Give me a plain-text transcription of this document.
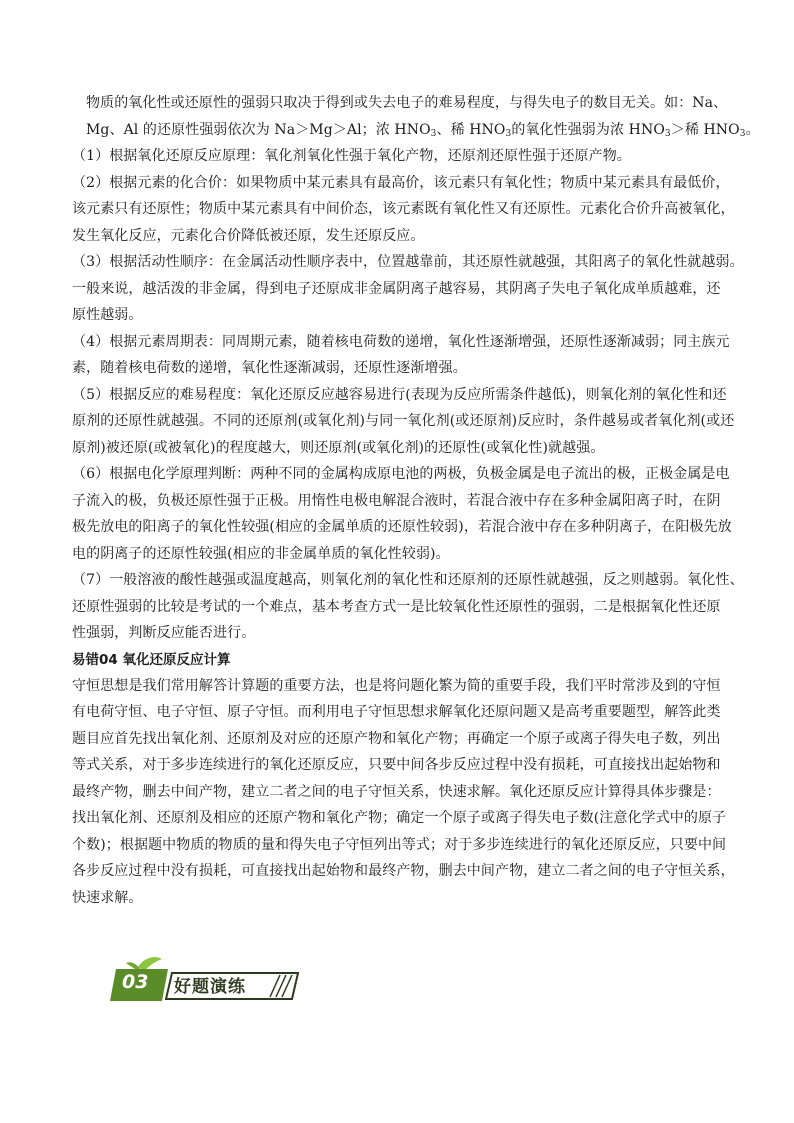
物质的氧化性或还原性的强弱只取决于得到或失去电子的难易程度，与得失电子的数目无关。如：Na、
Mg、Al 的还原性强弱依次为 Na＞Mg＞Al；浓 $HNO_3$、稀 $HNO_3$的氧化性强弱为浓 $HNO_3>$稀 $HNO_3$。
（1）根据氧化还原反应原理：氧化剂氧化性强于氧化产物，还原剂还原性强于还原产物。
（2）根据元素的化合价：如果物质中某元素具有最高价，该元素只有氧化性；物质中某元素具有最低价，
该元素只有还原性；物质中某元素具有中间价态，该元素既有氧化性又有还原性。元素化合价升高被氧化，
发生氧化反应，元素化合价降低被还原，发生还原反应。
（3）根据活动性顺序：在金属活动性顺序表中，位置越靠前，其还原性就越强，其阳离子的氧化性就越弱。
一般来说，越活泼的非金属，得到电子还原成非金属阴离子越容易，其阴离子失电子氧化成单质越难，还
原性越弱。
（4）根据元素周期表：同周期元素，随着核电荷数的递增，氧化性逐渐增强，还原性逐渐减弱；同主族元
素，随着核电荷数的递增，氧化性逐渐减弱，还原性逐渐增强。
（5）根据反应的难易程度：氧化还原反应越容易进行(表现为反应所需条件越低)，则氧化剂的氧化性和还
原剂的还原性就越强。不同的还原剂(或氧化剂)与同一氧化剂(或还原剂)反应时，条件越易或者氧化剂(或还
原剂)被还原(或被氧化)的程度越大，则还原剂(或氧化剂)的还原性(或氧化性)就越强。
（6）根据电化学原理判断：两种不同的金属构成原电池的两极，负极金属是电子流出的极，正极金属是电
子流入的极，负极还原性强于正极。用惰性电极电解混合液时，若混合液中存在多种金属阳离子时，在阴
极先放电的阳离子的氧化性较强(相应的金属单质的还原性较弱)，若混合液中存在多种阴离子，在阳极先放
电的阴离子的还原性较强(相应的非金属单质的氧化性较弱)。
（7）一般溶液的酸性越强或温度越高，则氧化剂的氧化性和还原剂的还原性就越强，反之则越弱。氧化性、
还原性强弱的比较是考试的一个难点，基本考查方式一是比较氧化性还原性的强弱，二是根据氧化性还原
性强弱，判断反应能否进行。
易错04 氧化还原反应计算
守恒思想是我们常用解答计算题的重要方法，也是将问题化繁为简的重要手段，我们平时常涉及到的守恒
有电荷守恒、电子守恒、原子守恒。而利用电子守恒思想求解氧化还原问题又是高考重要题型，解答此类
题目应首先找出氧化剂、还原剂及对应的还原产物和氧化产物；再确定一个原子或离子得失电子数，列出
等式关系，对于多步连续进行的氧化还原反应，只要中间各步反应过程中没有损耗，可直接找出起始物和
最终产物，删去中间产物，建立二者之间的电子守恒关系，快速求解。氧化还原反应计算得具体步骤是：
找出氧化剂、还原剂及相应的还原产物和氧化产物；确定一个原子或离子得失电子数(注意化学式中的原子
个数)；根据题中物质的物质的量和得失电子守恒列出等式；对于多步连续进行的氧化还原反应，只要中间
各步反应过程中没有损耗，可直接找出起始物和最终产物，删去中间产物，建立二者之间的电子守恒关系，
快速求解。
03 好题演练
